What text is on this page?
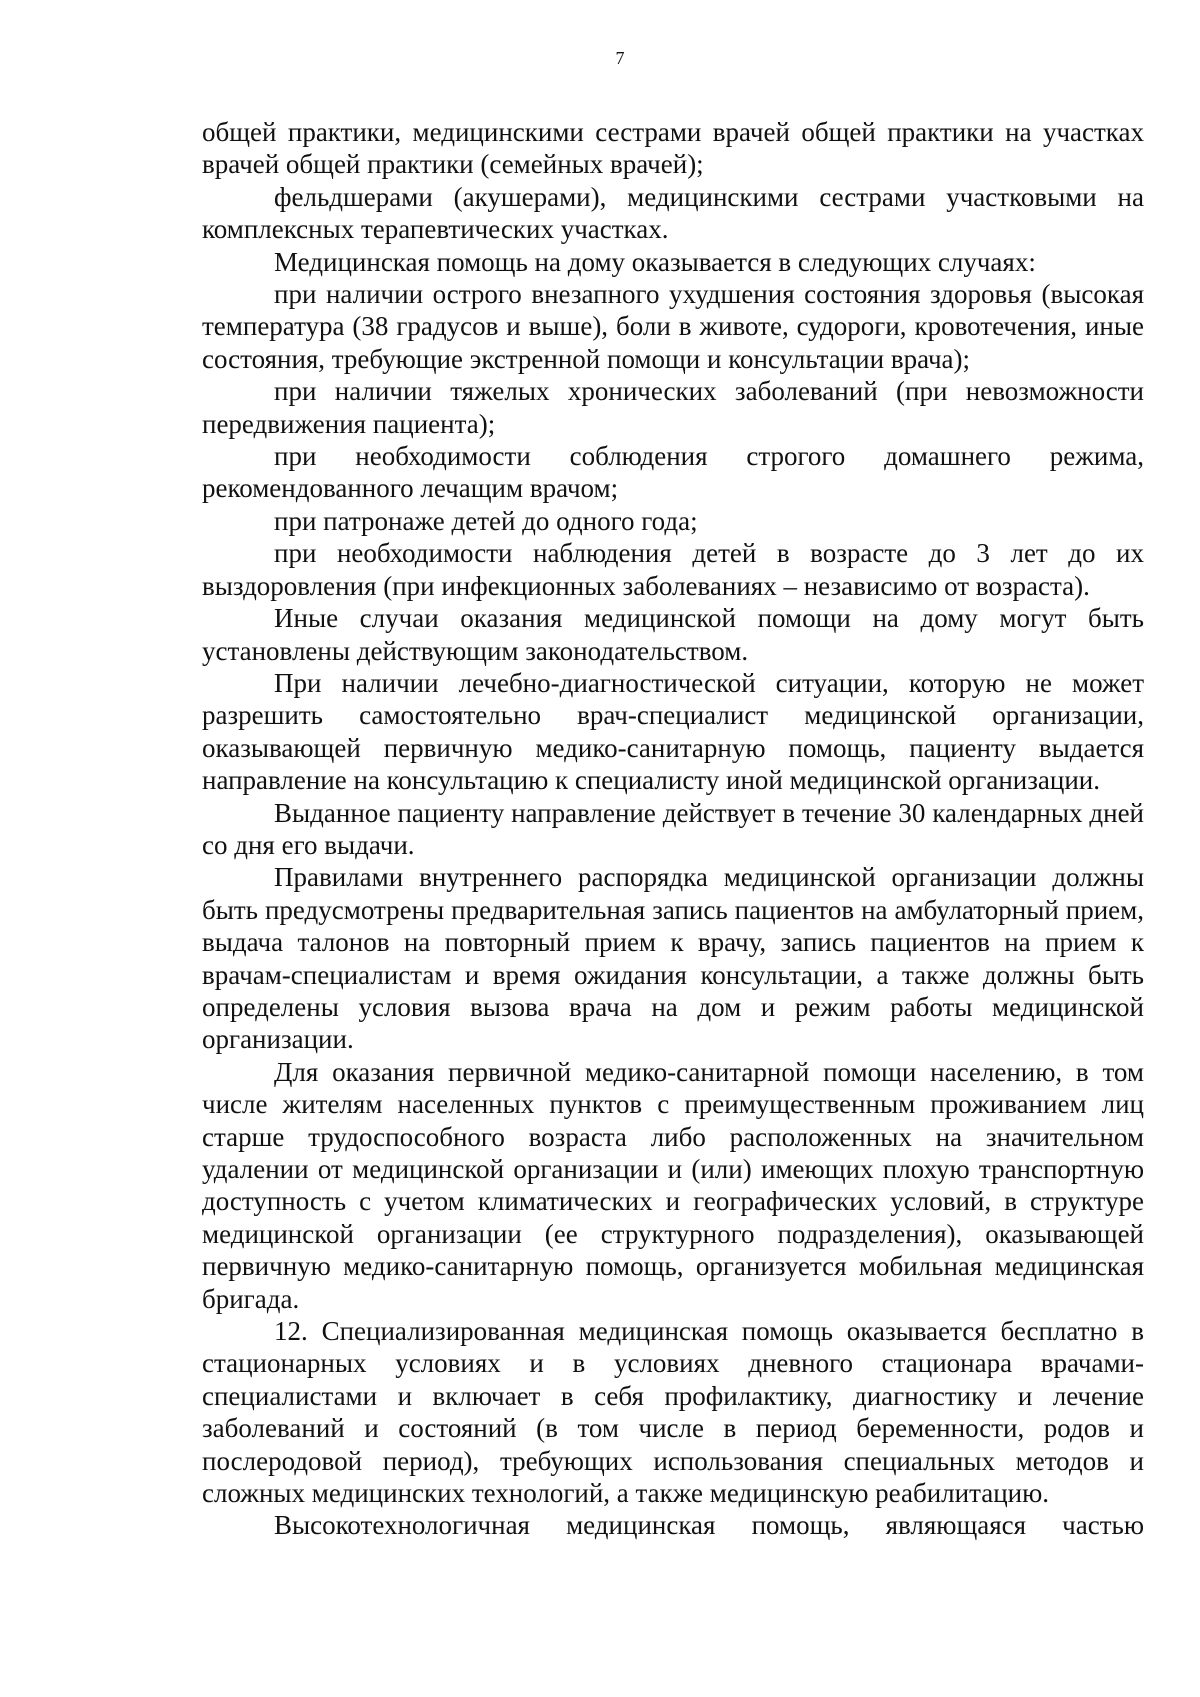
7

общей практики, медицинскими сестрами врачей общей практики на участках врачей общей практики (семейных врачей);

фельдшерами (акушерами), медицинскими сестрами участковыми на комплексных терапевтических участках.

Медицинская помощь на дому оказывается в следующих случаях:

при наличии острого внезапного ухудшения состояния здоровья (высокая температура (38 градусов и выше), боли в животе, судороги, кровотечения, иные состояния, требующие экстренной помощи и консультации врача);

при наличии тяжелых хронических заболеваний (при невозможности передвижения пациента);

при необходимости соблюдения строгого домашнего режима, рекомендованного лечащим врачом;

при патронаже детей до одного года;

при необходимости наблюдения детей в возрасте до 3 лет до их выздоровления (при инфекционных заболеваниях – независимо от возраста).

Иные случаи оказания медицинской помощи на дому могут быть установлены действующим законодательством.

При наличии лечебно-диагностической ситуации, которую не может разрешить самостоятельно врач-специалист медицинской организации, оказывающей первичную медико-санитарную помощь, пациенту выдается направление на консультацию к специалисту иной медицинской организации.

Выданное пациенту направление действует в течение 30 календарных дней со дня его выдачи.

Правилами внутреннего распорядка медицинской организации должны быть предусмотрены предварительная запись пациентов на амбулаторный прием, выдача талонов на повторный прием к врачу, запись пациентов на прием к врачам-специалистам и время ожидания консультации, а также должны быть определены условия вызова врача на дом и режим работы медицинской организации.

Для оказания первичной медико-санитарной помощи населению, в том числе жителям населенных пунктов с преимущественным проживанием лиц старше трудоспособного возраста либо расположенных на значительном удалении от медицинской организации и (или) имеющих плохую транспортную доступность с учетом климатических и географических условий, в структуре медицинской организации (ее структурного подразделения), оказывающей первичную медико-санитарную помощь, организуется мобильная медицинская бригада.

12. Специализированная медицинская помощь оказывается бесплатно в стационарных условиях и в условиях дневного стационара врачами-специалистами и включает в себя профилактику, диагностику и лечение заболеваний и состояний (в том числе в период беременности, родов и послеродовой период), требующих использования специальных методов и сложных медицинских технологий, а также медицинскую реабилитацию.

Высокотехнологичная медицинская помощь, являющаяся частью
